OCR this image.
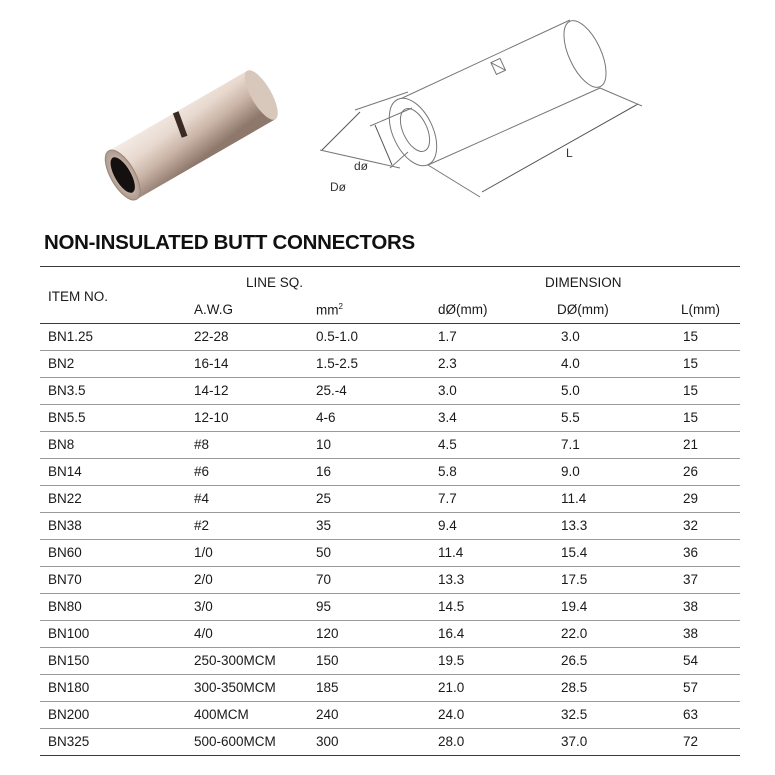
dø
Dø
L
NON-INSULATED BUTT CONNECTORS
ITEM NO.
LINE SQ.	DIMENSION
A.W.G	$mm^2$	dØ(mm)	DØ(mm)	L(mm)
BN1.25	22-28	0.5-1.0	1.7	3.0	15
BN2	16-14	1.5-2.5	2.3	4.0	15
BN3.5	14-12	25.-4	3.0	5.0	15
BN5.5	12-10	4-6	3.4	5.5	15
BN8	#8	10	4.5	7.1	21
BN14	#6	16	5.8	9.0	26
BN22	#4	25	7.7	11.4	29
BN38	#2	35	9.4	13.3	32
BN60	1/0	50	11.4	15.4	36
BN70	2/0	70	13.3	17.5	37
BN80	3/0	95	14.5	19.4	38
BN100	4/0	120	16.4	22.0	38
BN150	250-300MCM	150	19.5	26.5	54
BN180	300-350MCM	185	21.0	28.5	57
BN200	400MCM	240	24.0	32.5	63
BN325	500-600MCM	300	28.0	37.0	72
